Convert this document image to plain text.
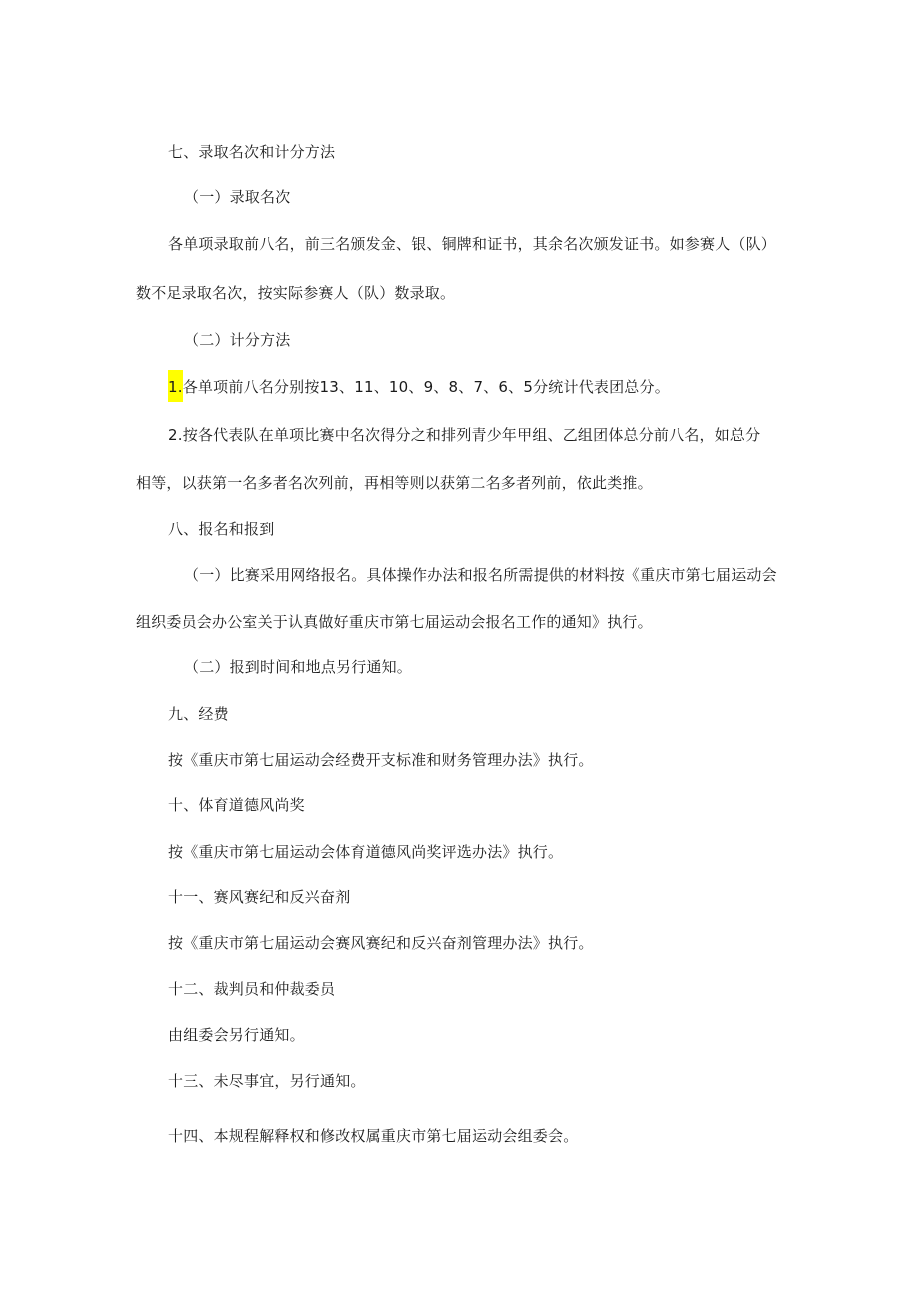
七、录取名次和计分方法
（一）录取名次
各单项录取前八名，前三名颁发金、银、铜牌和证书，其余名次颁发证书。如参赛人（队）
数不足录取名次，按实际参赛人（队）数录取。
（二）计分方法
1.各单项前八名分别按13、11、10、9、8、7、6、5分统计代表团总分。
2.按各代表队在单项比赛中名次得分之和排列青少年甲组、乙组团体总分前八名，如总分
相等，以获第一名多者名次列前，再相等则以获第二名多者列前，依此类推。
八、报名和报到
（一）比赛采用网络报名。具体操作办法和报名所需提供的材料按《重庆市第七届运动会
组织委员会办公室关于认真做好重庆市第七届运动会报名工作的通知》执行。
（二）报到时间和地点另行通知。
九、经费
按《重庆市第七届运动会经费开支标准和财务管理办法》执行。
十、体育道德风尚奖
按《重庆市第七届运动会体育道德风尚奖评选办法》执行。
十一、赛风赛纪和反兴奋剂
按《重庆市第七届运动会赛风赛纪和反兴奋剂管理办法》执行。
十二、裁判员和仲裁委员
由组委会另行通知。
十三、未尽事宜，另行通知。
十四、本规程解释权和修改权属重庆市第七届运动会组委会。
